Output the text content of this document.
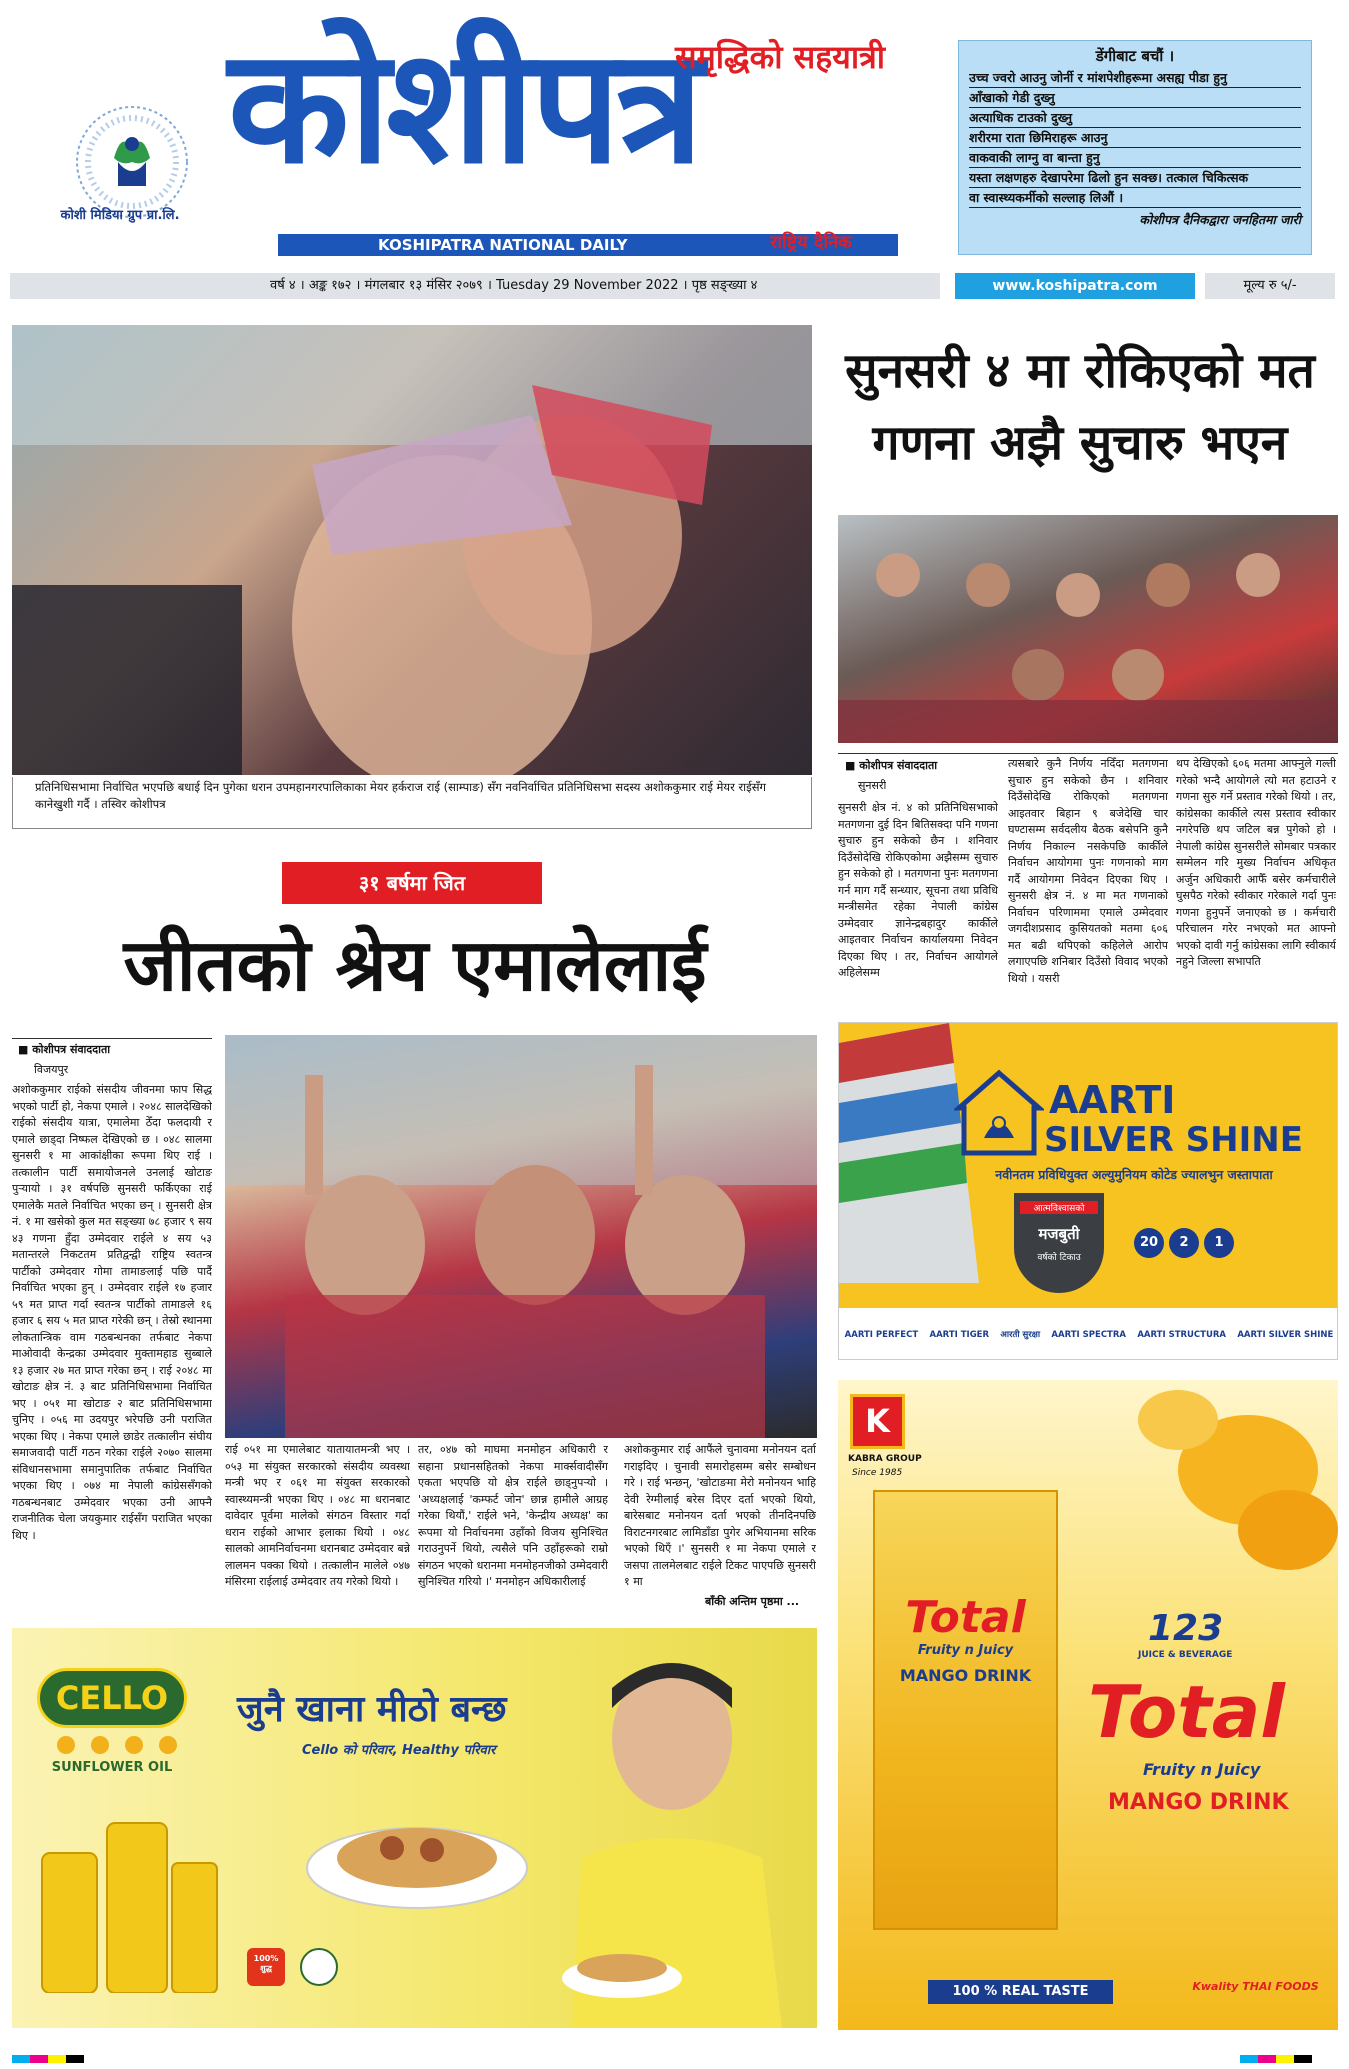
कोशी मिडिया ग्रुप प्रा.लि.
कोशीपत्र
समृद्धिको सहयात्री
KOSHIPATRA NATIONAL DAILY	राष्ट्रिय दैनिक
डेंगीबाट बचौं ।
उच्च ज्वरो आउनु जोर्नी र मांशपेशीहरूमा असह्य पीडा हुनु
आँखाको गेडी दुख्नु
अत्याधिक टाउको दुख्नु
शरीरमा राता छिमिराहरू आउनु
वाकवाकी लाग्नु वा बान्ता हुनु
यस्ता लक्षणहरु देखापरेमा ढिलो हुन सक्छ। तत्काल चिकित्सक
वा स्वास्थ्यकर्मीको सल्लाह लिऔं ।
कोशीपत्र दैनिकद्वारा जनहितमा जारी
वर्ष ४ । अङ्क १७२ । मंगलबार १३ मंसिर २०७९ । Tuesday 29 November 2022 । पृष्ठ सङ्ख्या ४	www.koshipatra.com	मूल्य रु ५/-
प्रतिनिधिसभामा निर्वाचित भएपछि बधाई दिन पुगेका धरान उपमहानगरपालिकाका मेयर हर्कराज राई (साम्पाङ) सँग नवनिर्वाचित प्रतिनिधिसभा सदस्य अशोककुमार राई मेयर राईसँग कानेखुशी गर्दै । तस्विर कोशीपत्र
सुनसरी ४ मा रोकिएको मत
गणना अझै सुचारु भएन
■ कोशीपत्र संवाददाता
सुनसरी
सुनसरी क्षेत्र नं. ४ को प्रतिनिधिसभाको मतगणना दुई दिन बितिसक्दा पनि गणना सुचारु हुन सकेको छैन । शनिवार दिउँसोदेखि रोकिएकोमा अझैसम्म सुचारु हुन सकेको हो । मतगणना पुनः मतगणना गर्न माग गर्दै सन्ध्यार, सूचना तथा प्रविधि मन्त्रीसमेत रहेका नेपाली कांग्रेस उम्मेदवार ज्ञानेन्द्रबहादुर कार्कीले आइतवार निर्वाचन कार्यालयमा निवेदन दिएका थिए । तर, निर्वाचन आयोगले अहिलेसम्म
त्यसबारे कुनै निर्णय नदिँदा मतगणना सुचारु हुन सकेको छैन । शनिवार दिउँसोदेखि रोकिएको मतगणना आइतवार बिहान ९ बजेदेखि चार घण्टासम्म सर्वदलीय बैठक बसेपनि कुनै निर्णय निकाल्न नसकेपछि कार्कीले निर्वाचन आयोगमा पुनः गणनाको माग गर्दै आयोगमा निवेदन दिएका थिए । सुनसरी क्षेत्र नं. ४ मा मत गणनाको निर्वाचन परिणाममा एमाले उम्मेदवार जगदीशप्रसाद कुसियतको मतमा ६०६ मत बढी थपिएको कहिलेले आरोप लगाएपछि शनिबार दिउँसो विवाद भएको थियो । यसरी
थप देखिएको ६०६ मतमा आफ्नुले गल्ती गरेको भन्दै आयोगले त्यो मत हटाउने र गणना सुरु गर्ने प्रस्ताव गरेको थियो । तर, कांग्रेसका कार्कीले त्यस प्रस्ताव स्वीकार नगरेपछि थप जटिल बन्न पुगेको हो । नेपाली कांग्रेस सुनसरीले सोमबार पत्रकार सम्मेलन गरि मुख्य निर्वाचन अधिकृत अर्जुन अधिकारी आफैँ बसेर कर्मचारीले घुसपैठ गरेको स्वीकार गरेकाले गर्दा पुनः गणना हुनुपर्ने जनाएको छ । कर्मचारी परिचालन गरेर नभएको मत आफ्नो भएको दावी गर्नु कांग्रेसका लागि स्वीकार्य नहुने जिल्ला सभापति
३१ बर्षमा जित
जीतको श्रेय एमालेलाई
■ कोशीपत्र संवाददाता
विजयपुर
अशोककुमार राईको संसदीय जीवनमा फाप सिद्ध भएको पार्टी हो, नेकपा एमाले । २०४८ सालदेखिको राईको संसदीय यात्रा, एमालेमा ठेँदा फलदायी र एमाले छाड्दा निष्फल देखिएको छ । ०४८ सालमा सुनसरी १ मा आकांक्षीका रूपमा थिए राई । तत्कालीन पार्टी समायोजनले उनलाई खोटाङ पुऱ्यायो । ३१ वर्षपछि सुनसरी फर्किएका राई एमालेकै मतले निर्वाचित भएका छन् । सुनसरी क्षेत्र नं. १ मा खसेको कुल मत सङ्ख्या ७८ हजार ९ सय ४३ गणना हुँदा उम्मेदवार राईले ४ सय ५३ मतान्तरले निकटतम प्रतिद्वन्द्वी राष्ट्रिय स्वतन्त्र पार्टीको उम्मेदवार गोमा तामाङलाई पछि पार्दै निर्वाचित भएका हुन् । उम्मेदवार राईले १७ हजार ५९ मत प्राप्त गर्दा स्वतन्त्र पार्टीको तामाङले १६ हजार ६ सय ५ मत प्राप्त गरेकी छन् । तेस्रो स्थानमा लोकतान्त्रिक वाम गठबन्धनका तर्फबाट नेकपा माओवादी केन्द्रका उम्मेदवार मुक्तामहाड सुब्बाले १३ हजार २७ मत प्राप्त गरेका छन् । राई २०४८ मा खोटाङ क्षेत्र नं. ३ बाट प्रतिनिधिसभामा निर्वाचित भए । ०५१ मा खोटाङ २ बाट प्रतिनिधिसभामा चुनिए । ०५६ मा उदयपुर भरेपछि उनी पराजित भएका थिए । नेकपा एमाले छाडेर तत्कालीन संघीय समाजवादी पार्टी गठन गरेका राईले २०७० सालमा संविधानसभामा समानुपातिक तर्फबाट निर्वाचित भएका थिए । ०७४ मा नेपाली कांग्रेससँगको गठबन्धनबाट उम्मेदवार भएका उनी आफ्नै राजनीतिक चेला जयकुमार राईसँग पराजित भएका थिए ।
राई ०५१ मा एमालेबाट यातायातमन्त्री भए । ०५३ मा संयुक्त सरकारको संसदीय व्यवस्था मन्त्री भए र ०६१ मा संयुक्त सरकारको स्वास्थ्यमन्त्री भएका थिए । ०४८ मा धरानबाट दावेदार पूर्वमा मालेको संगठन विस्तार गर्दा धरान राईको आभार इलाका थियो । ०४८ सालको आमनिर्वाचनमा धरानबाट उम्मेदवार बन्ने लालमन पक्का थियो । तत्कालीन मालेले ०४७ मंसिरमा राईलाई उम्मेदवार तय गरेको थियो ।
तर, ०४७ को माघमा मनमोहन अधिकारी र सहाना प्रधानसहितको नेकपा मार्क्सवादीसँग एकता भएपछि यो क्षेत्र राईले छाड्नुपर्‍यो । 'अध्यक्षलाई 'कम्फर्ट जोन' छान्न हामीले आग्रह गरेका थियौं,' राईले भने, 'केन्द्रीय अध्यक्ष' का रूपमा यो निर्वाचनमा उहाँको विजय सुनिश्चित गराउनुपर्ने थियो, त्यसैले पनि उहाँहरूको राम्रो संगठन भएको धरानमा मनमोहनजीको उम्मेदवारी सुनिश्चित गरियो ।' मनमोहन अधिकारीलाई
अशोककुमार राई आफैंले चुनावमा मनोनयन दर्ता गराइदिए । चुनावी समारोहसम्म बसेर सम्बोधन गरे । राई भन्छन्, 'खोटाङमा मेरो मनोनयन भाहि देवी रेग्मीलाई बरेस दिएर दर्ता भएको थियो, बारेसबाट मनोनयन दर्ता भएको तीनदिनपछि विराटनगरबाट लामिडाँडा पुगेर अभियानमा सरिक भएको थिएँ ।' सुनसरी १ मा नेकपा एमाले र जसपा तालमेलबाट राईले टिकट पाएपछि सुनसरी १ मा
बाँकी अन्तिम पृष्ठमा ...
AARTI
SILVER SHINE
नवीनतम प्रविधियुक्त अल्युमुनियम कोटेड ज्यालभुन जस्तापाता
आत्मविश्वासको
मजबुती
वर्षको टिकाउ
20	2	1
AARTI PERFECT AARTI TIGER आरती सुरक्षा AARTI SPECTRA AARTI STRUCTURA AARTI SILVER SHINE
K
KABRA GROUP
Since 1985
Total
Fruity n Juicy
MANGO DRINK
123
JUICE & BEVERAGE
Total
Fruity n Juicy
MANGO DRINK
100 % REAL TASTE	Kwality THAI FOODS
CELLO
SUNFLOWER OIL
जुनै खाना मीठो बन्छ
Cello को परिवार, Healthy परिवार
100% शुद्ध
